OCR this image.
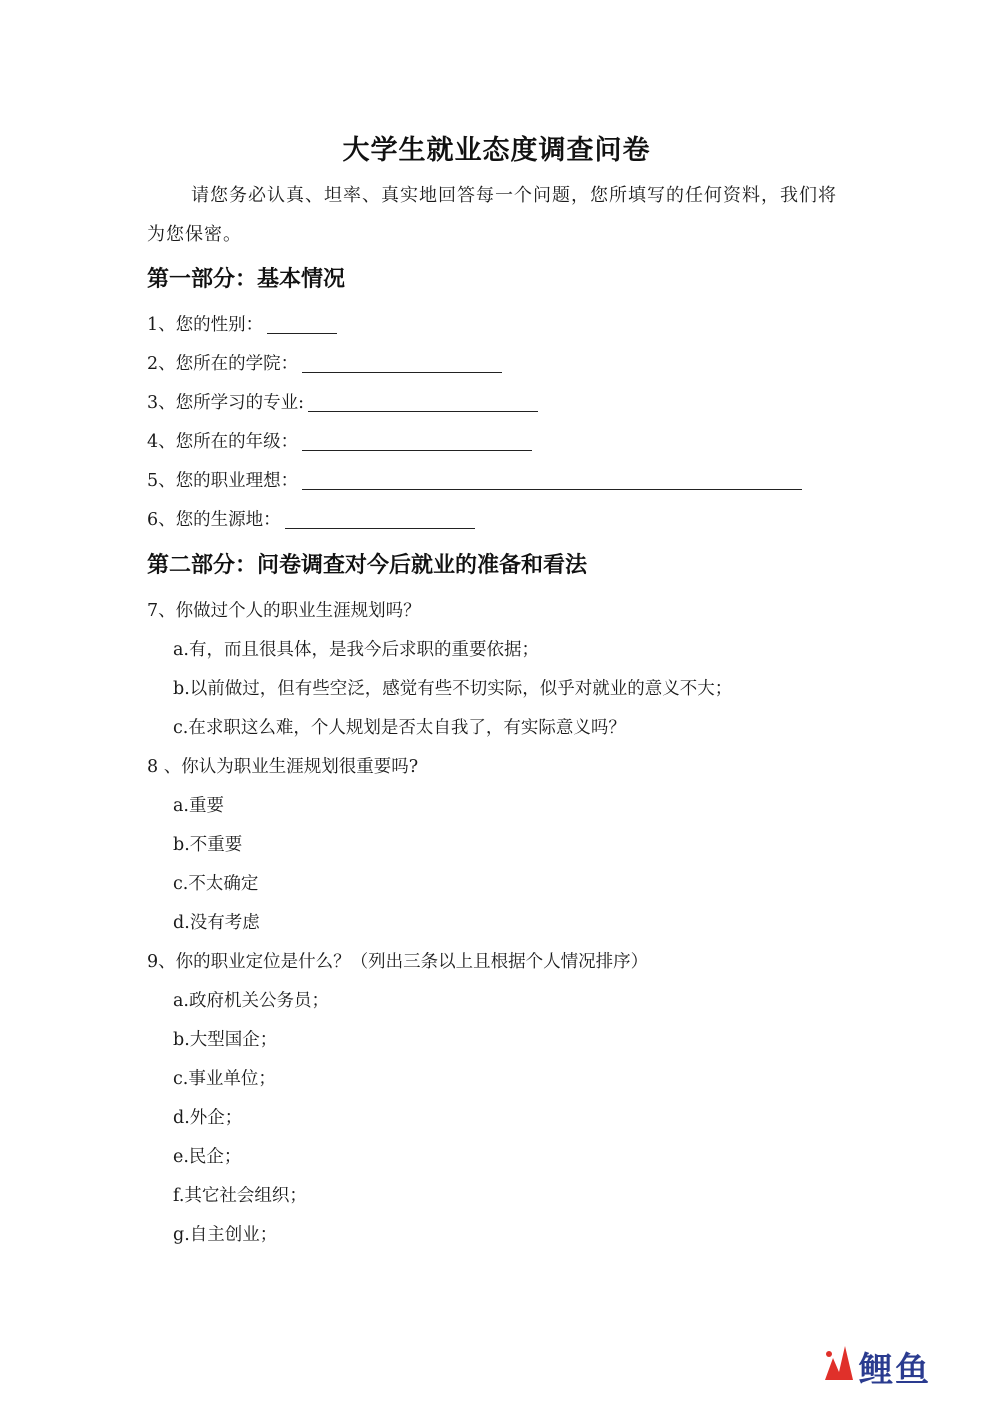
大学生就业态度调查问卷
请您务必认真、坦率、真实地回答每一个问题，您所填写的任何资料，我们将为您保密。
第一部分：基本情况
1、您的性别：
2、您所在的学院：
3、您所学习的专业:
4、您所在的年级：
5、您的职业理想：
6、您的生源地：
第二部分：问卷调查对今后就业的准备和看法
7、你做过个人的职业生涯规划吗？
a.有，而且很具体，是我今后求职的重要依据；
b.以前做过，但有些空泛，感觉有些不切实际，似乎对就业的意义不大；
c.在求职这么难，个人规划是否太自我了，有实际意义吗？
8 、你认为职业生涯规划很重要吗?
a.重要
b.不重要
c.不太确定
d.没有考虑
9、你的职业定位是什么？（列出三条以上且根据个人情况排序）
a.政府机关公务员；
b.大型国企；
c.事业单位；
d.外企；
e.民企；
f.其它社会组织；
g.自主创业；
鲤鱼
